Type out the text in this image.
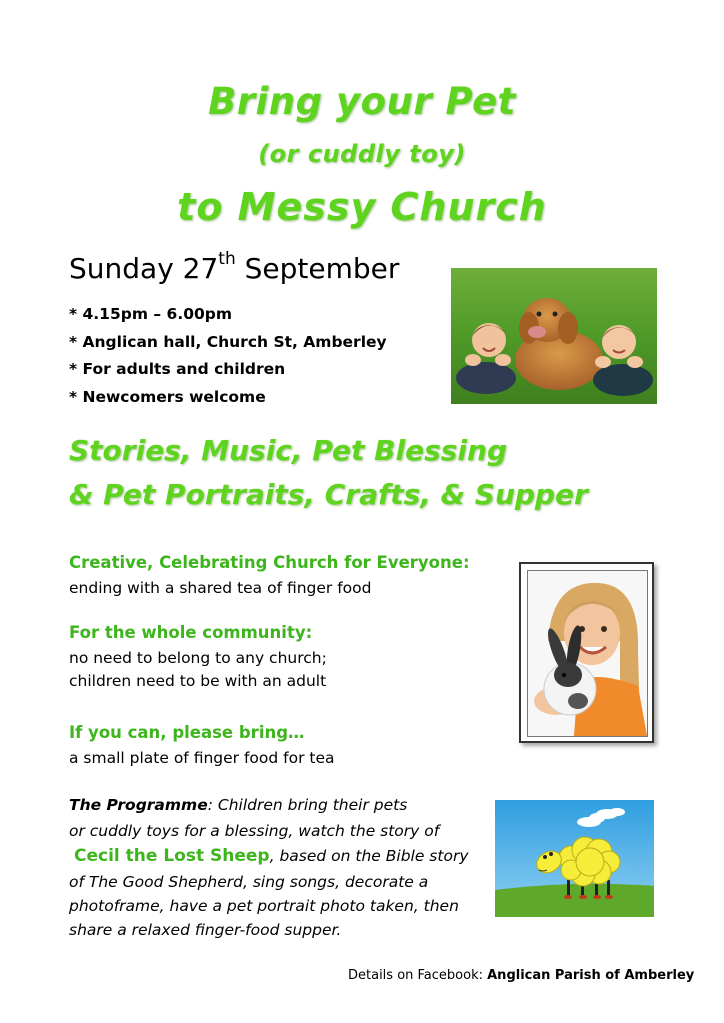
Bring your Pet
(or cuddly toy)
to Messy Church
Sunday 27th September
* 4.15pm – 6.00pm
* Anglican hall, Church St, Amberley
* For adults and children
* Newcomers welcome
Stories, Music, Pet Blessing
& Pet Portraits, Crafts, & Supper
Creative, Celebrating Church for Everyone:
ending with a shared tea of finger food
For the whole community:
no need to belong to any church;
children need to be with an adult
If you can, please bring…
a small plate of finger food for tea
The Programme: Children bring their pets
or cuddly toys for a blessing, watch the story of
Cecil the Lost Sheep, based on the Bible story
of The Good Shepherd, sing songs, decorate a
photoframe, have a pet portrait photo taken, then
share a relaxed finger-food supper.
Details on Facebook: Anglican Parish of Amberley
